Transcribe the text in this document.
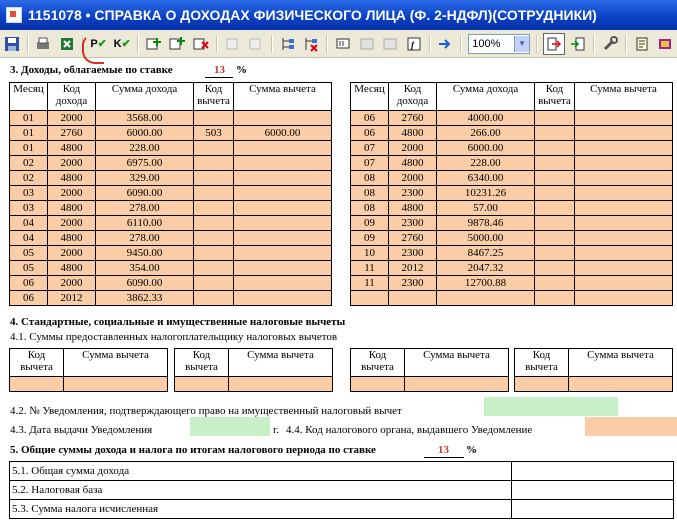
1151078 • СПРАВКА О ДОХОДАХ ФИЗИЧЕСКОГО ЛИЦА (Ф. 2-НДФЛ)(СОТРУДНИКИ)
P ✔ K ✔	f	100%	▼
3. Доходы, облагаемые по ставке	13 %
Месяц	Код дохода	Сумма дохода	Код вычета	Сумма вычета
01	2000	3568.00		
01	2760	6000.00	503	6000.00
01	4800	228.00		
02	2000	6975.00		
02	4800	329.00		
03	2000	6090.00		
03	4800	278.00		
04	2000	6110.00		
04	4800	278.00		
05	2000	9450.00		
05	4800	354.00		
06	2000	6090.00		
06	2012	3862.33		
Месяц	Код дохода	Сумма дохода	Код вычета	Сумма вычета
06	2760	4000.00		
06	4800	266.00		
07	2000	6000.00		
07	4800	228.00		
08	2000	6340.00		
08	2300	10231.26		
08	4800	57.00		
09	2300	9878.46		
09	2760	5000.00		
10	2300	8467.25		
11	2012	2047.32		
11	2300	12700.88		

4. Стандартные, социальные и имущественные налоговые вычеты
4.1. Суммы предоставленных налогоплательщику налоговых вычетов
Код вычета	Сумма вычета
		Код вычета	Сумма вычета
		Код вычета	Сумма вычета
		Код вычета	Сумма вычета

4.2. № Уведомления, подтверждающего право на имущественный налоговый вычет
4.3. Дата выдачи Уведомления	г. 4.4. Код налогового органа, выдавшего Уведомление
5. Общие суммы дохода и налога по итогам налогового периода по ставке	13 %
5.1. Общая сумма дохода	
5.2. Налоговая база	
5.3. Сумма налога исчисленная	
